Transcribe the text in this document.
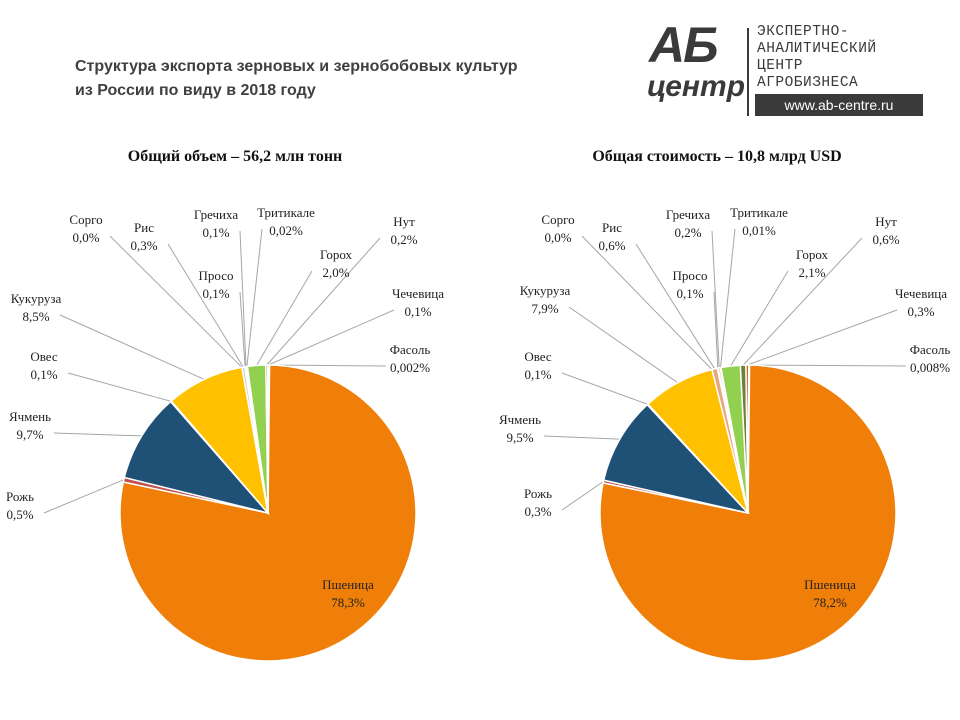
Структура экспорта зерновых и зернобобовых культур
из России по виду в 2018 году
АБ
центр
ЭКСПЕРТНО-
АНАЛИТИЧЕСКИЙ
ЦЕНТР
АГРОБИЗНЕСА
www.ab-centre.ru
Общий объем – 56,2 млн тонн
Пшеница
78,3%
Рожь
0,5%
Ячмень
9,7%
Овес
0,1%
Кукуруза
8,5%
Сорго
0,0%
Рис
0,3%
Просо
0,1%
Гречиха
0,1%
Тритикале
0,02%
Горох
2,0%
Нут
0,2%
Чечевица
0,1%
Фасоль
0,002%
Общая стоимость – 10,8 млрд USD
Пшеница
78,2%
Рожь
0,3%
Ячмень
9,5%
Овес
0,1%
Кукуруза
7,9%
Сорго
0,0%
Рис
0,6%
Просо
0,1%
Гречиха
0,2%
Тритикале
0,01%
Горох
2,1%
Нут
0,6%
Чечевица
0,3%
Фасоль
0,008%
